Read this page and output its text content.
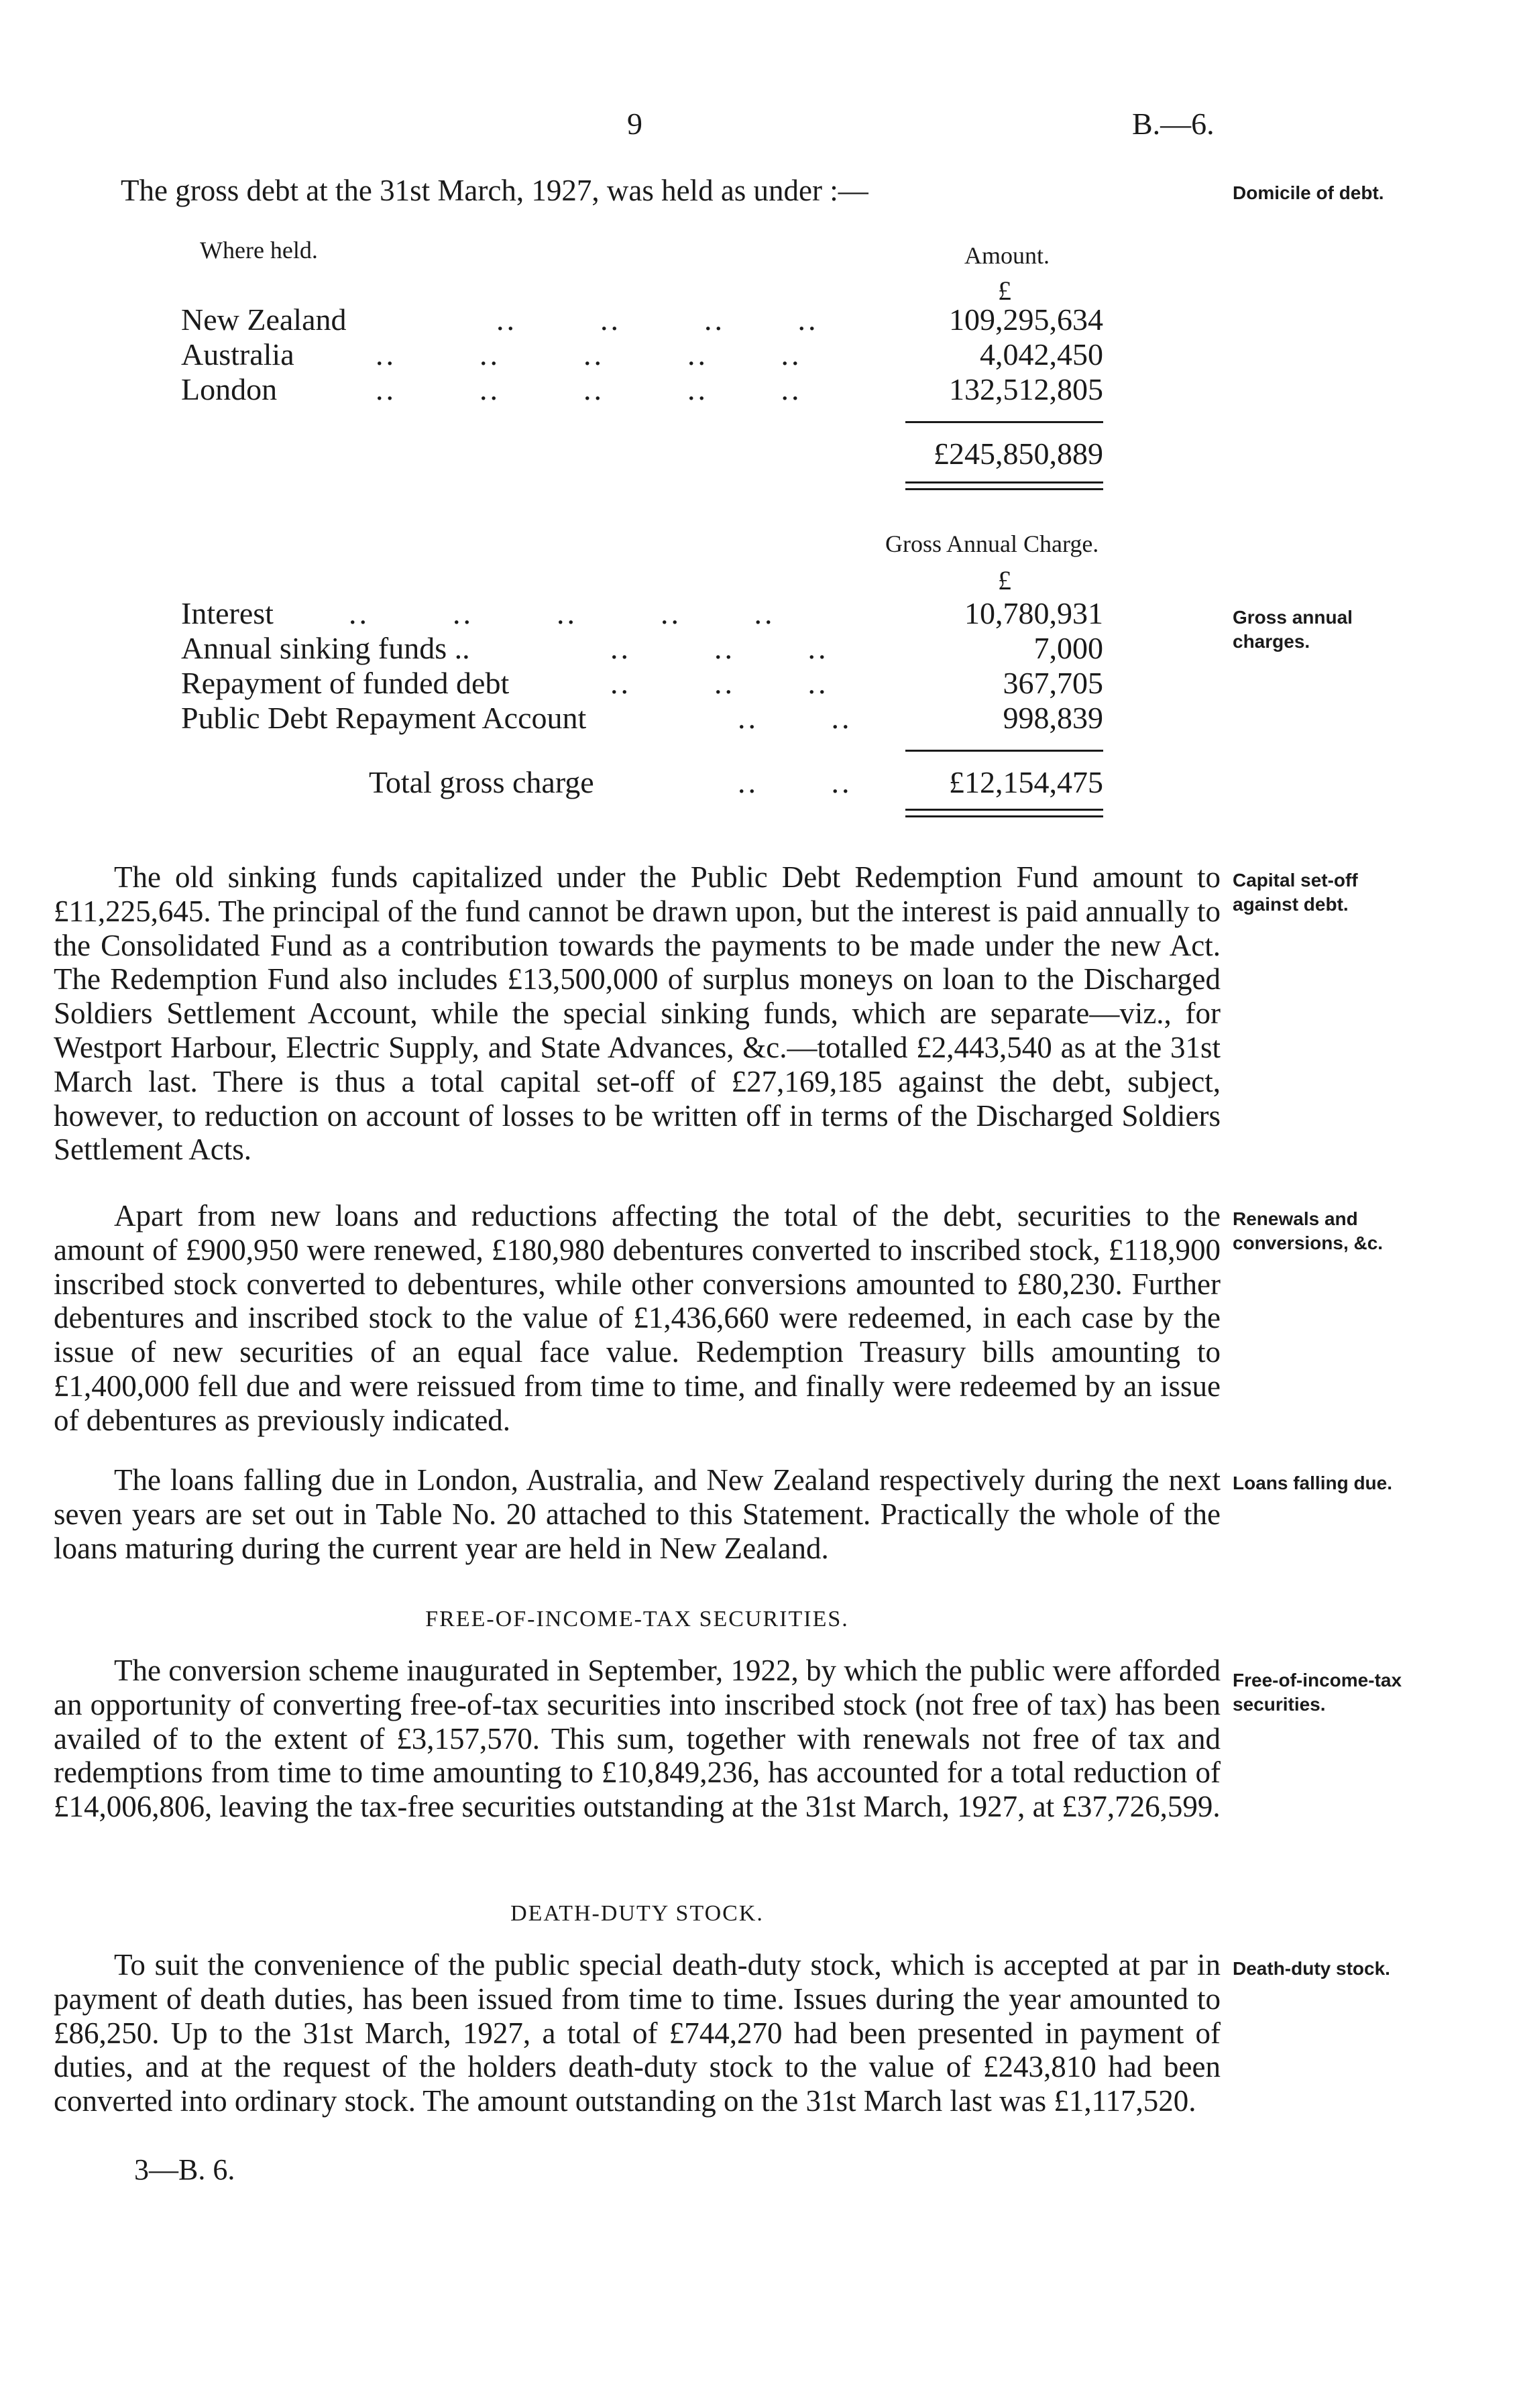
9	B.—6.
The gross debt at the 31st March, 1927, was held as under :—	Domicile of debt.
Where held.	Amount.
£
New Zealand	..        ..        ..       ..	109,295,634
Australia	..        ..        ..        ..       ..	4,042,450
London	..        ..        ..        ..       ..	132,512,805
£245,850,889
Gross Annual Charge.
£
Gross annual charges.
Interest ..        ..        ..        ..       ..	10,780,931
Annual sinking funds ..	..        ..       ..	7,000
Repayment of funded debt	..        ..       ..	367,705
Public Debt Repayment Account	..       ..	998,839
Total gross charge	..       ..	£12,154,475

The old sinking funds capitalized under the Public Debt Redemption Fund amount to £11,225,645. The principal of the fund cannot be drawn upon, but the interest is paid annually to the Consolidated Fund as a contribution towards the payments to be made under the new Act. The Redemption Fund also includes £13,500,000 of surplus moneys on loan to the Discharged Soldiers Settlement Account, while the special sinking funds, which are separate—viz., for Westport Harbour, Electric Supply, and State Advances, &c.—totalled £2,443,540 as at the 31st March last. There is thus a total capital set-off of £27,169,185 against the debt, subject, however, to reduction on account of losses to be written off in terms of the Discharged Soldiers Settlement Acts.

Capital set-off against debt.

Apart from new loans and reductions affecting the total of the debt, securities to the amount of £900,950 were renewed, £180,980 debentures converted to inscribed stock, £118,900 inscribed stock converted to debentures, while other conversions amounted to £80,230. Further debentures and inscribed stock to the value of £1,436,660 were redeemed, in each case by the issue of new securities of an equal face value. Redemption Treasury bills amounting to £1,400,000 fell due and were reissued from time to time, and finally were redeemed by an issue of debentures as previously indicated.

Renewals and conversions, &c.

The loans falling due in London, Australia, and New Zealand respectively during the next seven years are set out in Table No. 20 attached to this Statement. Practically the whole of the loans maturing during the current year are held in New Zealand.

Loans falling due.
FREE-OF-INCOME-TAX SECURITIES.

The conversion scheme inaugurated in September, 1922, by which the public were afforded an opportunity of converting free-of-tax securities into inscribed stock (not free of tax) has been availed of to the extent of £3,157,570. This sum, together with renewals not free of tax and redemptions from time to time amounting to £10,849,236, has accounted for a total reduction of £14,006,806, leaving the tax-free securities outstanding at the 31st March, 1927, at £37,726,599.

Free-of-income-tax securities.
DEATH-DUTY STOCK.

To suit the convenience of the public special death-duty stock, which is accepted at par in payment of death duties, has been issued from time to time. Issues during the year amounted to £86,250. Up to the 31st March, 1927, a total of £744,270 had been presented in payment of duties, and at the request of the holders death-duty stock to the value of £243,810 had been converted into ordinary stock. The amount outstanding on the 31st March last was £1,117,520.

Death-duty stock.
3—B. 6.
